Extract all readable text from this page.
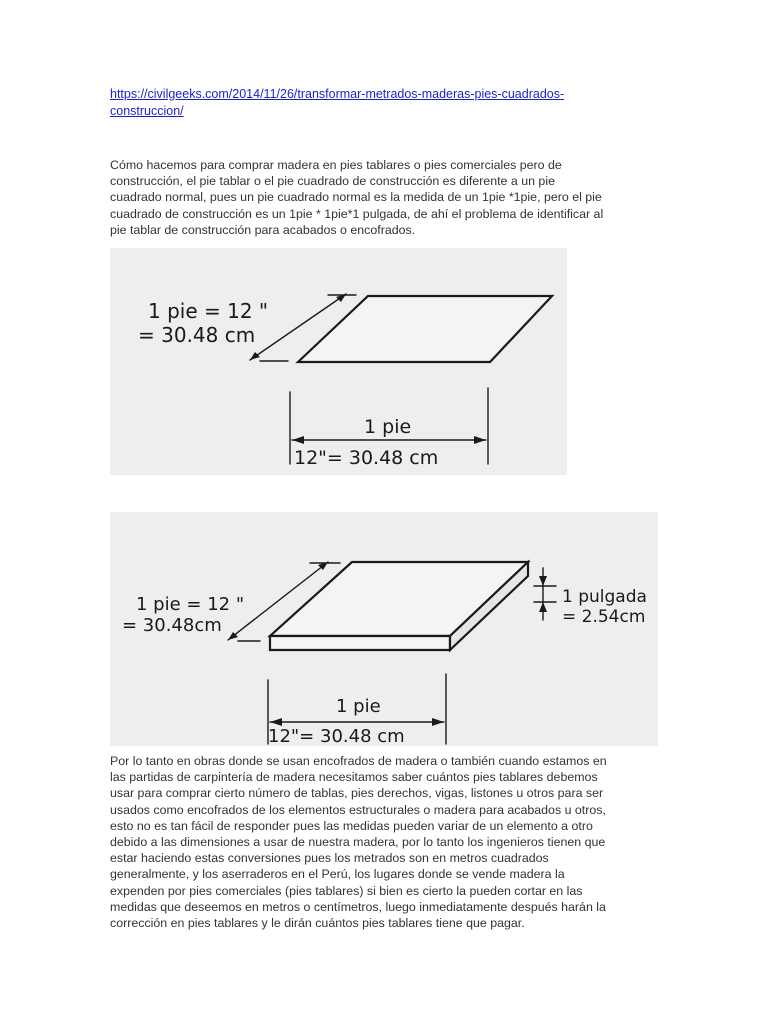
https://civilgeeks.com/2014/11/26/transformar-metrados-maderas-pies-cuadrados-
construccion/
Cómo hacemos para comprar madera en pies tablares o pies comerciales pero de
construcción, el pie tablar o el pie cuadrado de construcción es diferente a un pie
cuadrado normal, pues un pie cuadrado normal es la medida de un 1pie *1pie, pero el pie
cuadrado de construcción es un 1pie * 1pie*1 pulgada, de ahí el problema de identificar al
pie tablar de construcción para acabados o encofrados.
1 pie = 12 "
= 30.48 cm
1 pie
12"= 30.48 cm
1 pie = 12 "
= 30.48cm
1 pulgada
= 2.54cm
1 pie
12"= 30.48 cm
Por lo tanto en obras donde se usan encofrados de madera o también cuando estamos en
las partidas de carpintería de madera necesitamos saber cuántos pies tablares debemos
usar para comprar cierto número de tablas, pies derechos, vigas, listones u otros para ser
usados como encofrados de los elementos estructurales o madera para acabados u otros,
esto no es tan fácil de responder pues las medidas pueden variar de un elemento a otro
debido a las dimensiones a usar de nuestra madera, por lo tanto los ingenieros tienen que
estar haciendo estas conversiones pues los metrados son en metros cuadrados
generalmente, y los aserraderos en el Perú, los lugares donde se vende madera la
expenden por pies comerciales (pies tablares) si bien es cierto la pueden cortar en las
medidas que deseemos en metros o centímetros, luego inmediatamente después harán la
corrección en pies tablares y le dirán cuántos pies tablares tiene que pagar.
